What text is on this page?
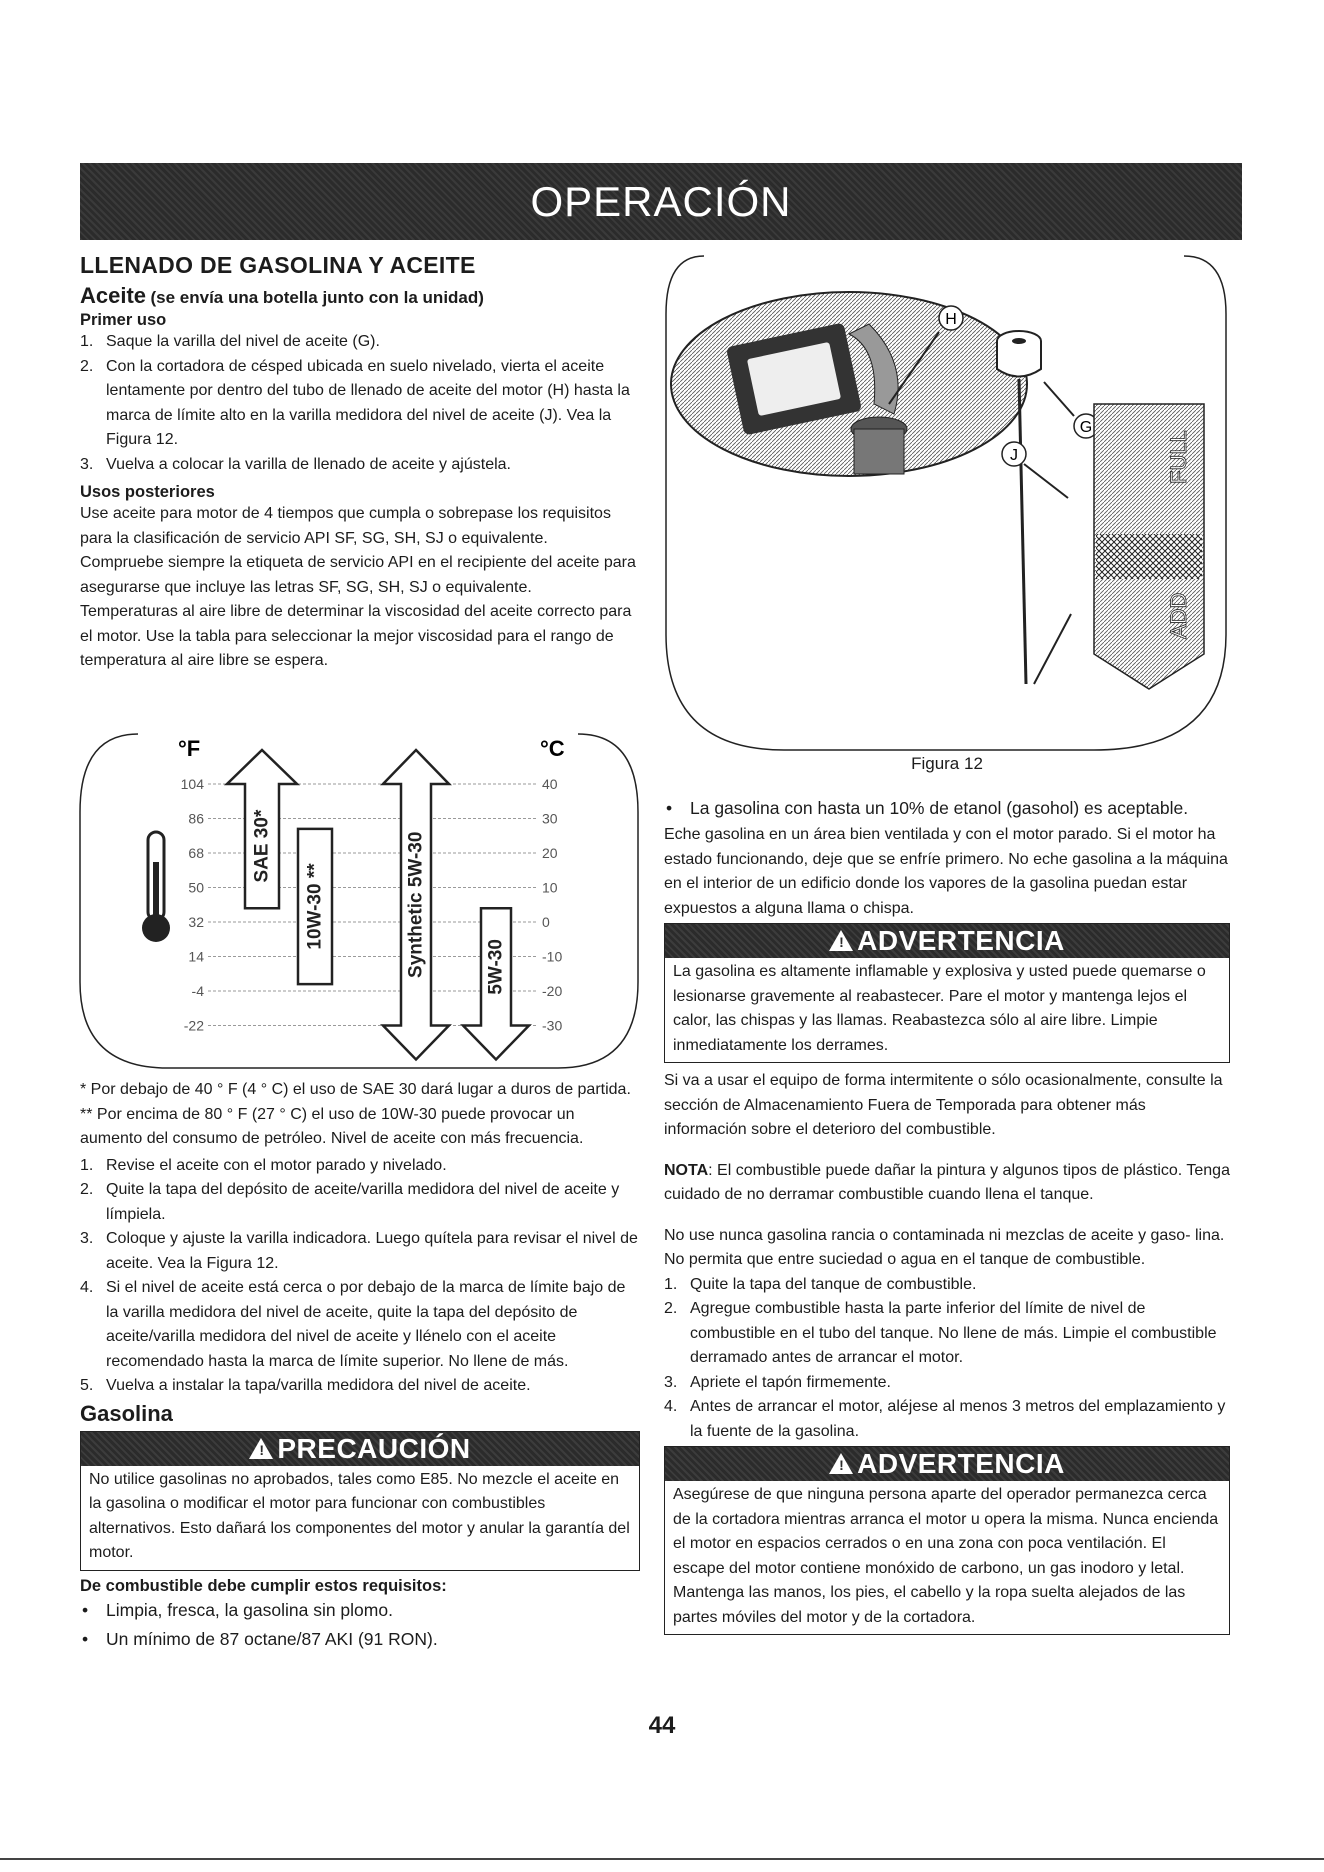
OPERACIÓN
LLENADO DE GASOLINA Y ACEITE
Aceite (se envía una botella junto con la unidad)
Primer uso
1. Saque la varilla del nivel de aceite (G).
2. Con la cortadora de césped ubicada en suelo nivelado, vierta el aceite lentamente por dentro del tubo de llenado de aceite del motor (H) hasta la marca de límite alto en la varilla medidora del nivel de aceite (J). Vea la Figura 12.
3. Vuelva a colocar la varilla de llenado de aceite y ajústela.
Usos posteriores

Use aceite para motor de 4 tiempos que cumpla o sobrepase los requisitos para la clasificación de servicio API SF, SG, SH, SJ o equivalente.

Compruebe siempre la etiqueta de servicio API en el recipiente del aceite para asegurarse que incluye las letras SF, SG, SH, SJ o equivalente.

Temperaturas al aire libre de determinar la viscosidad del aceite correcto para el motor. Use la tabla para seleccionar la mejor viscosidad para el rango de temperatura al aire libre se espera.

°F	°C
104
86
68
50
32
14
-4
-22
40
30
20
10
0
-10
-20
-30
SAE 30*
10W-30 **	Synthetic 5W-30	5W-30
* Por debajo de 40 ° F (4 ° C) el uso de SAE 30 dará lugar a duros de partida.
** Por encima de 80 ° F (27 ° C) el uso de 10W-30 puede provocar un aumento del consumo de petróleo. Nivel de aceite con más frecuencia.
1. Revise el aceite con el motor parado y nivelado.
2. Quite la tapa del depósito de aceite/varilla medidora del nivel de aceite y límpiela.
3. Coloque y ajuste la varilla indicadora. Luego quítela para revisar el nivel de aceite. Vea la Figura 12.
4. Si el nivel de aceite está cerca o por debajo de la marca de límite bajo de la varilla medidora del nivel de aceite, quite la tapa del depósito de aceite/varilla medidora del nivel de aceite y llénelo con el aceite recomendado hasta la marca de límite superior. No llene de más.
5. Vuelva a instalar la tapa/varilla medidora del nivel de aceite.
Gasolina
! PRECAUCIÓN
No utilice gasolinas no aprobados, tales como E85. No mezcle el aceite en la gasolina o modificar el motor para funcionar con combustibles alternativos. Esto dañará los componentes del motor y anular la garantía del motor.
De combustible debe cumplir estos requisitos:
• Limpia, fresca, la gasolina sin plomo.
• Un mínimo de 87 octane/87 AKI (91 RON).
H
G
J	FULL
ADD
Figura 12
• La gasolina con hasta un 10% de etanol (gasohol) es aceptable.

Eche gasolina en un área bien ventilada y con el motor parado. Si el motor ha estado funcionando, deje que se enfríe primero. No eche gasolina a la máquina en el interior de un edificio donde los vapores de la gasolina puedan estar expuestos a alguna llama o chispa.

! ADVERTENCIA
La gasolina es altamente inflamable y explosiva y usted puede quemarse o lesionarse gravemente al reabastecer. Pare el motor y mantenga lejos el calor, las chispas y las llamas. Reabastezca sólo al aire libre. Limpie inmediatamente los derrames.

Si va a usar el equipo de forma intermitente o sólo ocasionalmente, consulte la sección de Almacenamiento Fuera de Temporada para obtener más información sobre el deterioro del combustible.

NOTA: El combustible puede dañar la pintura y algunos tipos de plástico. Tenga cuidado de no derramar combustible cuando llena el tanque.

No use nunca gasolina rancia o contaminada ni mezclas de aceite y gaso- lina. No permita que entre suciedad o agua en el tanque de combustible.

1. Quite la tapa del tanque de combustible.
2. Agregue combustible hasta la parte inferior del límite de nivel de combustible en el tubo del tanque. No llene de más. Limpie el combustible derramado antes de arrancar el motor.
3. Apriete el tapón firmemente.
4. Antes de arrancar el motor, aléjese al menos 3 metros del emplazamiento y la fuente de la gasolina.
! ADVERTENCIA
Asegúrese de que ninguna persona aparte del operador permanezca cerca de la cortadora mientras arranca el motor u opera la misma. Nunca encienda el motor en espacios cerrados o en una zona con poca ventilación. El escape del motor contiene monóxido de carbono, un gas inodoro y letal. Mantenga las manos, los pies, el cabello y la ropa suelta alejados de las partes móviles del motor y de la cortadora.
44
